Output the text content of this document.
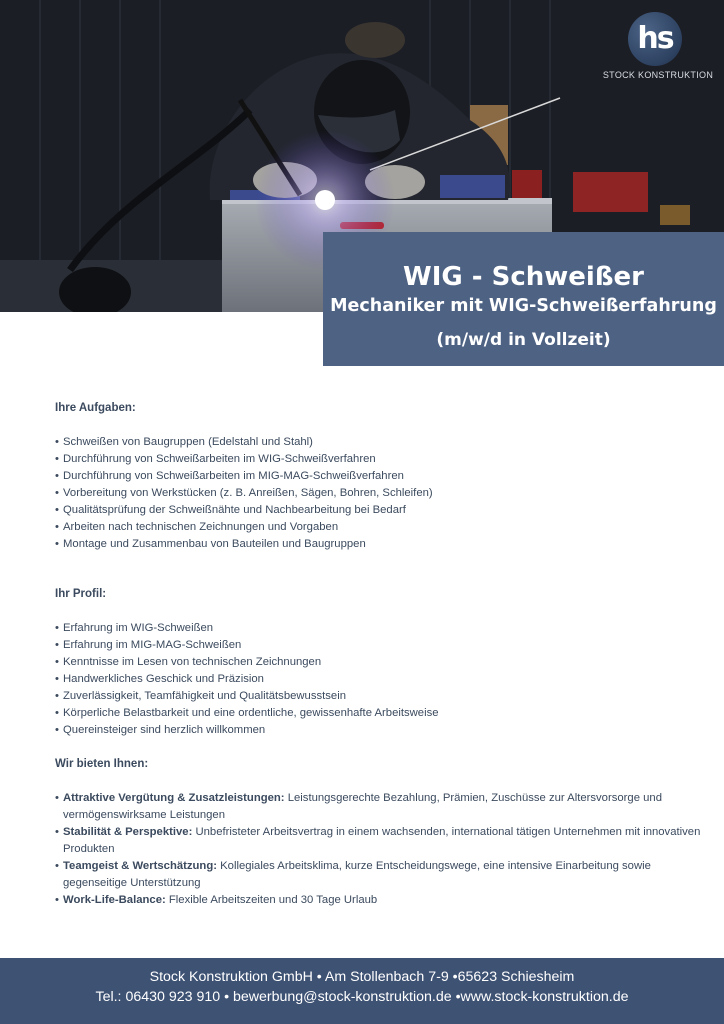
hs
STOCK KONSTRUKTION
WIG - Schweißer
Mechaniker mit WIG-Schweißerfahrung
(m/w/d in Vollzeit)

Ihre Aufgaben:

• Schweißen von Baugruppen (Edelstahl und Stahl)
• Durchführung von Schweißarbeiten im WIG-Schweißverfahren
• Durchführung von Schweißarbeiten im MIG-MAG-Schweißverfahren
• Vorbereitung von Werkstücken (z. B. Anreißen, Sägen, Bohren, Schleifen)
• Qualitätsprüfung der Schweißnähte und Nachbearbeitung bei Bedarf
• Arbeiten nach technischen Zeichnungen und Vorgaben
• Montage und Zusammenbau von Bauteilen und Baugruppen

Ihr Profil:

• Erfahrung im WIG-Schweißen
• Erfahrung im MIG-MAG-Schweißen
• Kenntnisse im Lesen von technischen Zeichnungen
• Handwerkliches Geschick und Präzision
• Zuverlässigkeit, Teamfähigkeit und Qualitätsbewusstsein
• Körperliche Belastbarkeit und eine ordentliche, gewissenhafte Arbeitsweise
• Quereinsteiger sind herzlich willkommen

Wir bieten Ihnen:

• Attraktive Vergütung & Zusatzleistungen: Leistungsgerechte Bezahlung, Prämien, Zuschüsse zur Altersvorsorge und
vermögenswirksame Leistungen
• Stabilität & Perspektive: Unbefristeter Arbeitsvertrag in einem wachsenden, international tätigen Unternehmen mit innovativen
Produkten
• Teamgeist & Wertschätzung: Kollegiales Arbeitsklima, kurze Entscheidungswege, eine intensive Einarbeitung sowie
gegenseitige Unterstützung
• Work-Life-Balance: Flexible Arbeitszeiten und 30 Tage Urlaub
Stock Konstruktion GmbH • Am Stollenbach 7-9 •65623 Schiesheim
Tel.: 06430 923 910 • bewerbung@stock-konstruktion.de •www.stock-konstruktion.de
